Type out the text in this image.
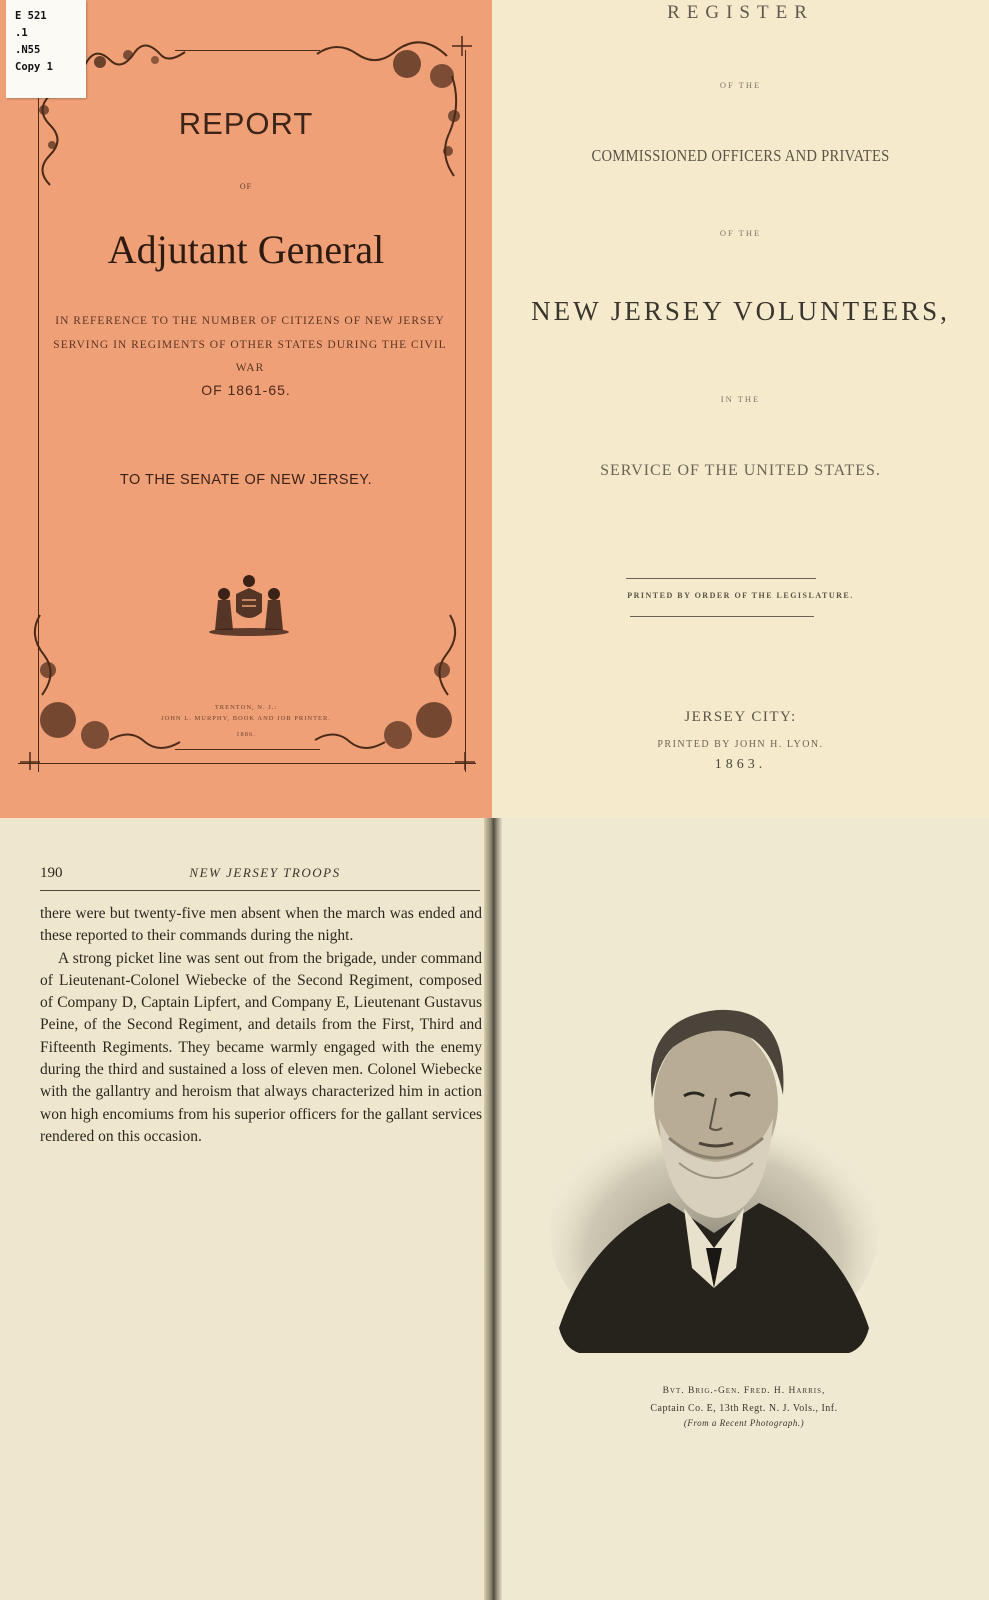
E 521
.1
.N55
Copy 1
REPORT
OF
Adjutant General
IN REFERENCE TO THE NUMBER OF CITIZENS OF NEW JERSEY SERVING IN REGIMENTS OF OTHER STATES DURING THE CIVIL WAR
OF 1861-65.
TO THE SENATE OF NEW JERSEY.
TRENTON, N. J.:
JOHN L. MURPHY, BOOK AND JOB PRINTER.
1886.
REGISTER
OF THE
COMMISSIONED OFFICERS AND PRIVATES
OF THE
NEW JERSEY VOLUNTEERS,
IN THE
SERVICE OF THE UNITED STATES.
PRINTED BY ORDER OF THE LEGISLATURE.
JERSEY CITY:
PRINTED BY JOHN H. LYON.
1863.
190	NEW JERSEY TROOPS

there were but twenty-five men absent when the march was ended and these reported to their commands during the night.

A strong picket line was sent out from the brigade, under command of Lieutenant-Colonel Wiebecke of the Second Regiment, composed of Company D, Captain Lipfert, and Company E, Lieutenant Gustavus Peine, of the Second Regiment, and details from the First, Third and Fifteenth Regiments. They became warmly engaged with the enemy during the third and sustained a loss of eleven men. Colonel Wiebecke with the gallantry and heroism that always characterized him in action won high encomiums from his superior officers for the gallant services rendered on this occasion.

Bvt. Brig.-Gen. Fred. H. Harris,
Captain Co. E, 13th Regt. N. J. Vols., Inf.
(From a Recent Photograph.)
